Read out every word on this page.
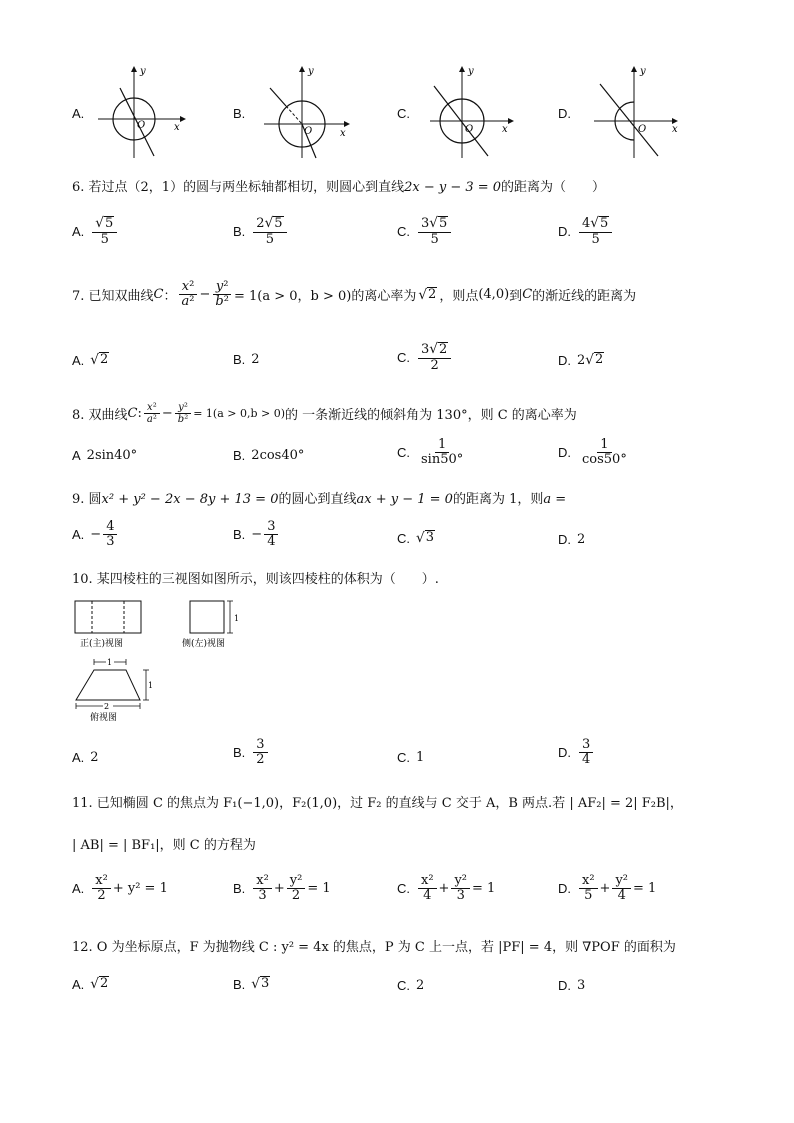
A.
y
x
O
B.
y
x
O
C.
y
x
O
D.
y
x
O
6. 若过点（2，1）的圆与两坐标轴都相切，则圆心到直线2x − y − 3 = 0的距离为（　　）
A. $\frac{√ 5}{5}$	B. $\frac{2 √ 5}{5}$	C. $\frac{3 √ 5}{5}$	D. $\frac{4 √ 5}{5}$
7. 已知双曲线 C ： $\frac{\text{x²}}{\text{a²}} - \frac{\text{y²}}{\text{b²}} = 1(a > 0$，b > 0) 的离心率为 √ 2 ，则点 (4,0) 到 C 的渐近线的距离为
A. √ 2	B. 2	C. $\frac{3 √ 2}{2}$	D. 2 √ 2
8. 双曲线 C : $\frac{\text{x²}}{\text{a²}} - \frac{\text{y²}}{\text{b²}} = 1(a > 0,b > 0)$ 的 一条渐近线的倾斜角为 130°，则 C 的离心率为
A 2sin40°	B. 2cos40°	C. $\frac{1}{\sin 50^\circ}$	D. $\frac{1}{\cos 50^\circ}$
9. 圆x² + y² − 2x − 8y + 13 = 0的圆心到直线ax + y − 1 = 0的距离为 1，则a =
A. − $\frac{4}{3}$	B. − $\frac{3}{4}$	C. √ 3	D. 2
10. 某四棱柱的三视图如图所示，则该四棱柱的体积为（　　）.
正(主)视图
1
侧(左)视图
1
1
2
俯视图
A. 2	B. $\frac{3}{2}$	C. 1	D. $\frac{3}{4}$
11. 已知椭圆 C 的焦点为 F₁(−1,0)，F₂(1,0)，过 F₂ 的直线与 C 交于 A，B 两点.若 | AF₂| = 2| F₂B|，
| AB| = | BF₁|，则 C 的方程为
A. $\frac{\text{x²}}{2} + y^2 = 1$	B. $\frac{\text{x²}}{3} + \frac{\text{y²}}{2} = 1$	C. $\frac{\text{x²}}{4} + \frac{\text{y²}}{3} = 1$	D. $\frac{\text{x²}}{5} + \frac{\text{y²}}{4} = 1$
12. O 为坐标原点，F 为抛物线 C : y² = 4x 的焦点，P 为 C 上一点，若 |PF| = 4，则 ∇POF 的面积为
A. √ 2	B. √ 3	C. 2	D. 3
